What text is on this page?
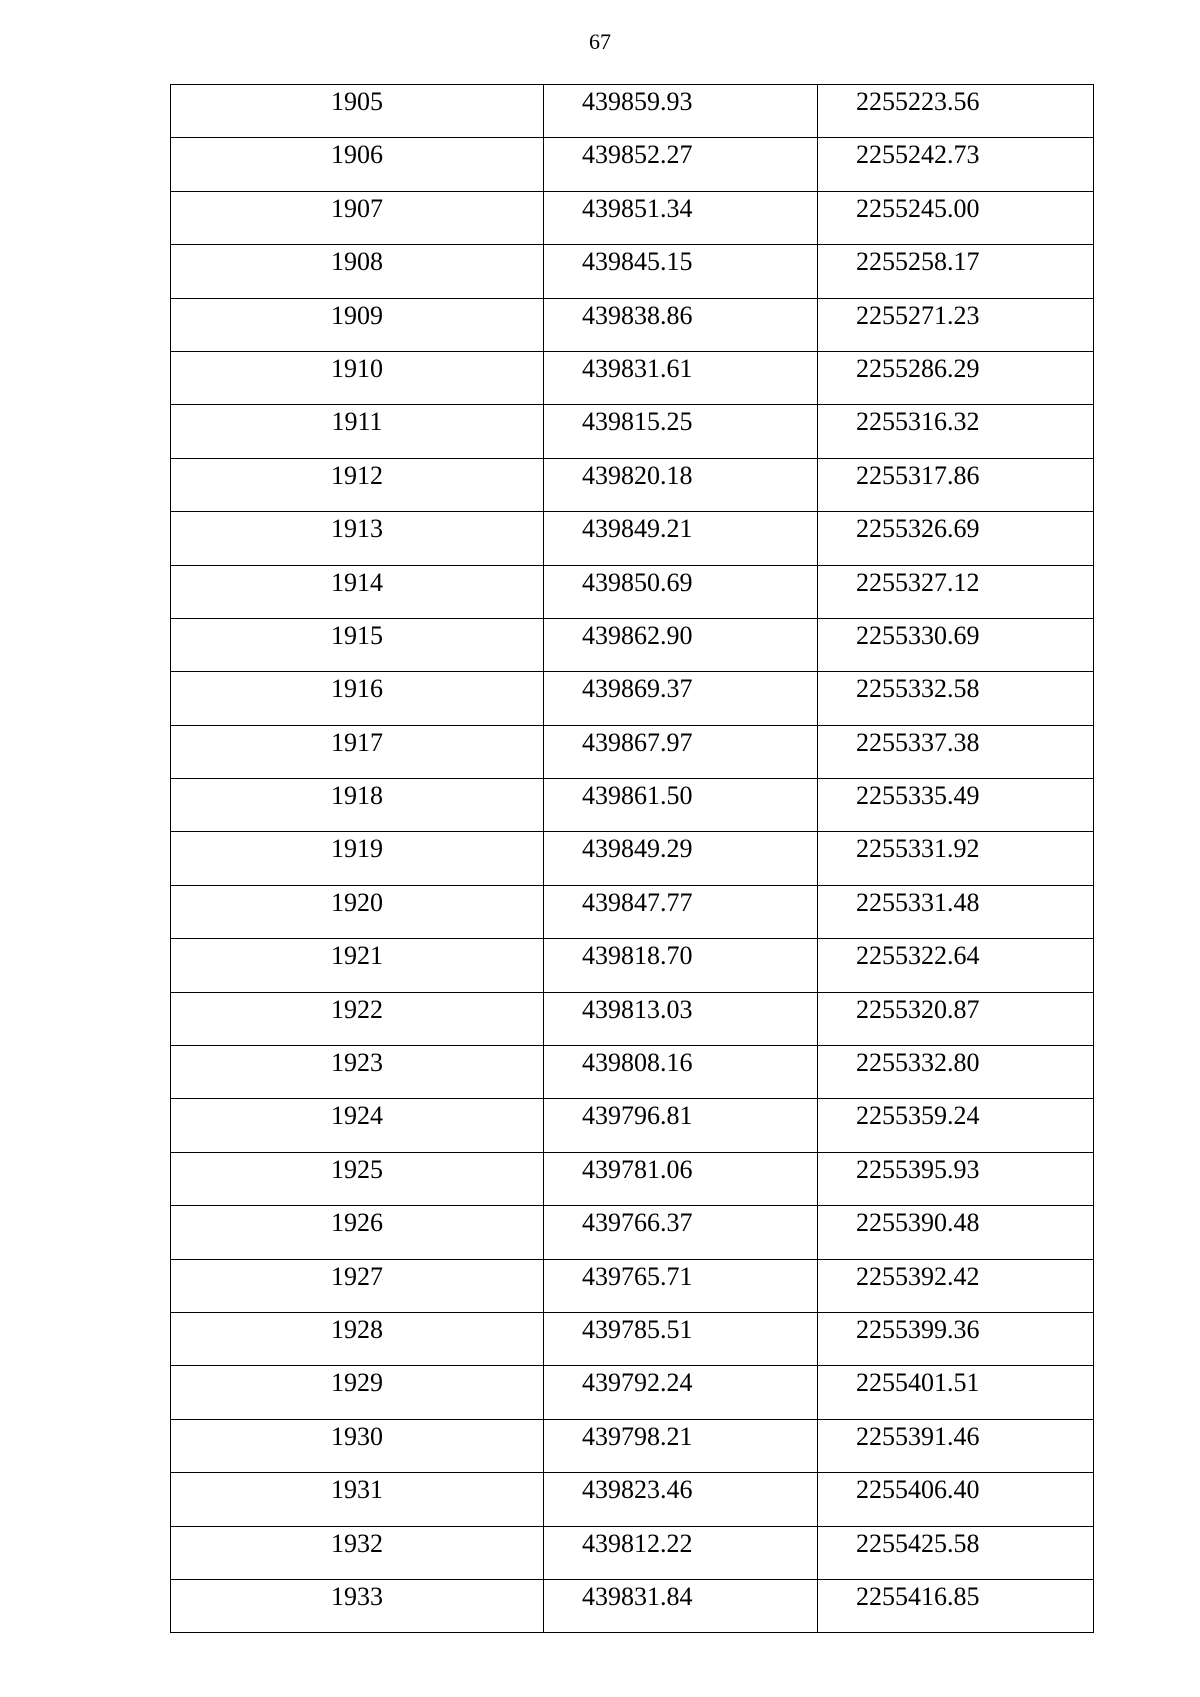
67
1905	439859.93	2255223.56

1906	439852.27	2255242.73

1907	439851.34	2255245.00

1908	439845.15	2255258.17

1909	439838.86	2255271.23

1910	439831.61	2255286.29

1911	439815.25	2255316.32

1912	439820.18	2255317.86

1913	439849.21	2255326.69

1914	439850.69	2255327.12

1915	439862.90	2255330.69

1916	439869.37	2255332.58

1917	439867.97	2255337.38

1918	439861.50	2255335.49

1919	439849.29	2255331.92

1920	439847.77	2255331.48

1921	439818.70	2255322.64

1922	439813.03	2255320.87

1923	439808.16	2255332.80

1924	439796.81	2255359.24

1925	439781.06	2255395.93

1926	439766.37	2255390.48

1927	439765.71	2255392.42

1928	439785.51	2255399.36

1929	439792.24	2255401.51

1930	439798.21	2255391.46

1931	439823.46	2255406.40

1932	439812.22	2255425.58

1933	439831.84	2255416.85
